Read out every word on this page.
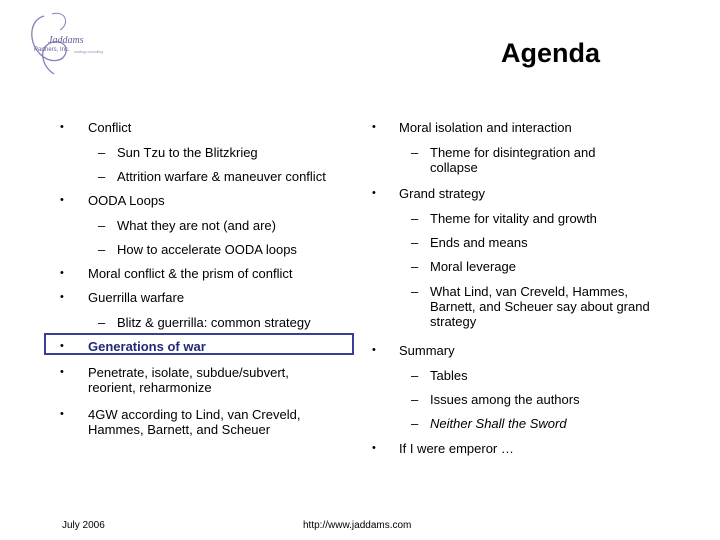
Jaddams
Partners, Inc. strategy consulting	Agenda
• Conflict
– Sun Tzu to the Blitzkrieg
– Attrition warfare & maneuver conflict
• OODA Loops
– What they are not (and are)
– How to accelerate OODA loops
• Moral conflict & the prism of conflict
• Guerrilla warfare
– Blitz & guerrilla: common strategy
• Generations of war
• Penetrate, isolate, subdue/subvert, reorient, reharmonize
• 4GW according to Lind, van Creveld, Hammes, Barnett, and Scheuer
• Moral isolation and interaction
– Theme for disintegration and collapse
• Grand strategy
– Theme for vitality and growth
– Ends and means
– Moral leverage
– What Lind, van Creveld, Hammes, Barnett, and Scheuer say about grand strategy
• Summary
– Tables
– Issues among the authors
– Neither Shall the Sword
• If I were emperor …
July 2006	http://www.jaddams.com
